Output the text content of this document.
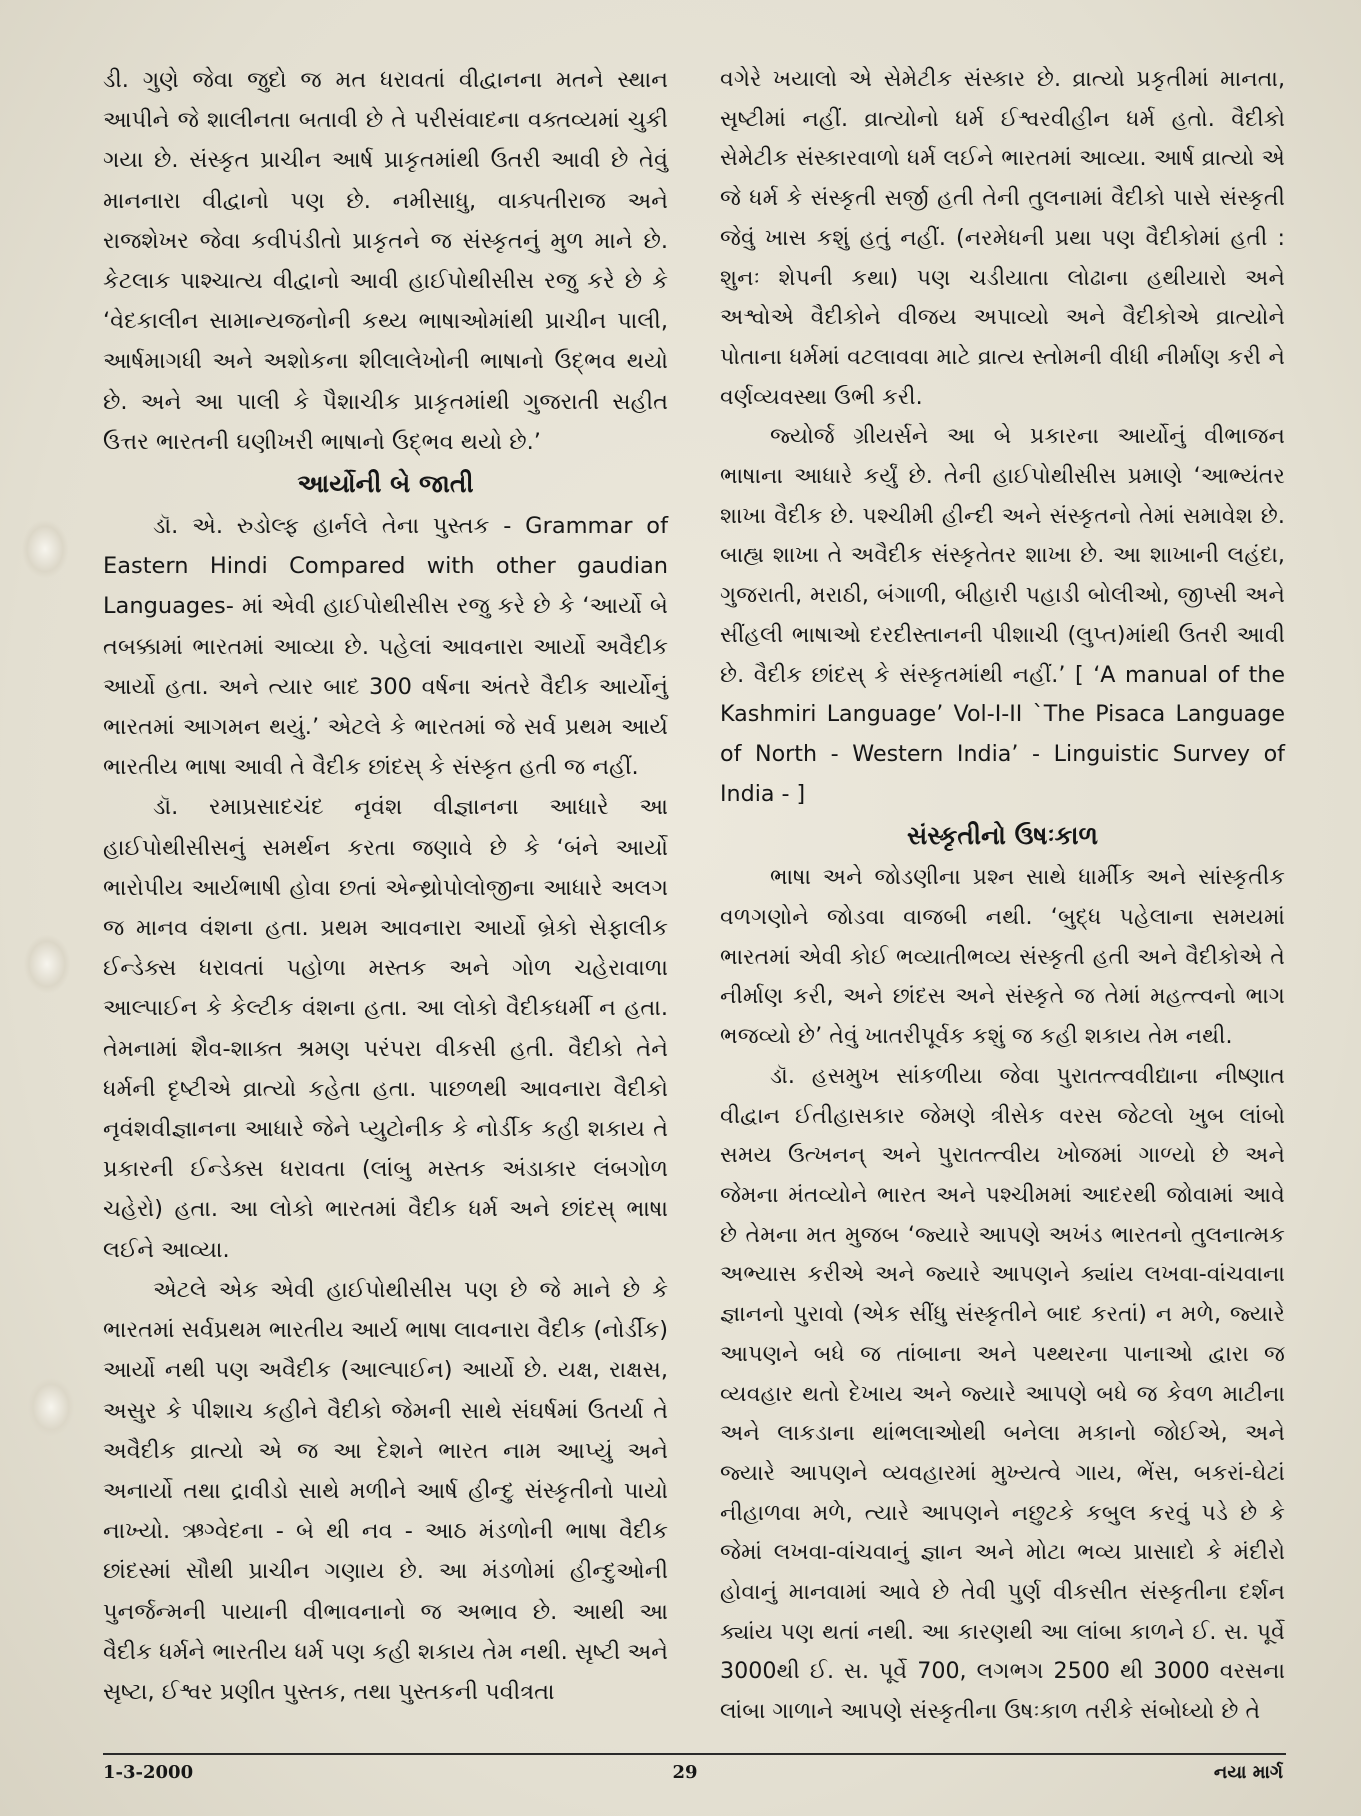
ડી. ગુણે જેવા જુદો જ મત ધરાવતાં વીદ્વાનના મતને સ્થાન આપીને જે શાલીનતા બતાવી છે તે પરીસંવાદના વક્તવ્યમાં ચુકી ગયા છે. સંસ્કૃત પ્રાચીન આર્ષ પ્રાકૃતમાંથી ઉતરી આવી છે તેવું માનનારા વીદ્વાનો પણ છે. નમીસાધુ, વાક્પતીરાજ અને રાજશેખર જેવા કવીપંડીતો પ્રાકૃતને જ સંસ્કૃતનું મુળ માને છે. કેટલાક પાશ્ચાત્ય વીદ્વાનો આવી હાઈપોથીસીસ રજુ કરે છે કે ‘વેદકાલીન સામાન્યજનોની કથ્ય ભાષાઓમાંથી પ્રાચીન પાલી, આર્ષમાગધી અને અશોકના શીલાલેખોની ભાષાનો ઉદ્ભવ થયો છે. અને આ પાલી કે પૈશાચીક પ્રાકૃતમાંથી ગુજરાતી સહીત ઉત્તર ભારતની ઘણીખરી ભાષાનો ઉદ્ભવ થયો છે.’

આર્યોની બે જાતી

ડૉ. એ. રુડોલ્ફ હાર્નલે તેના પુસ્તક - Grammar of Eastern Hindi Compared with other gaudian Languages- માં એવી હાઈપોથીસીસ રજુ કરે છે કે ‘આર્યો બે તબક્કામાં ભારતમાં આવ્યા છે. પહેલાં આવનારા આર્યો અવૈદીક આર્યો હતા. અને ત્યાર બાદ 300 વર્ષના અંતરે વૈદીક આર્યોનું ભારતમાં આગમન થયું.’ એટલે કે ભારતમાં જે સર્વ પ્રથમ આર્ય ભારતીય ભાષા આવી તે વૈદીક છાંદસ્ કે સંસ્કૃત હતી જ નહીં.

ડૉ. રમાપ્રસાદચંદ નૃવંશ વીજ્ઞાનના આધારે આ હાઈપોથીસીસનું સમર્થન કરતા જણાવે છે કે ‘બંને આર્યો ભારોપીય આર્યભાષી હોવા છતાં એન્થ્રોપોલોજીના આધારે અલગ જ માનવ વંશના હતા. પ્રથમ આવનારા આર્યો બ્રેકો સેફાલીક ઈન્ડેક્સ ધરાવતાં પહોળા મસ્તક અને ગોળ ચહેરાવાળા આલ્પાઈન કે કેલ્ટીક વંશના હતા. આ લોકો વૈદીકધર્મી ન હતા. તેમનામાં શૈવ-શાક્ત શ્રમણ પરંપરા વીકસી હતી. વૈદીકો તેને ધર્મની દૃષ્ટીએ વ્રાત્યો કહેતા હતા. પાછળથી આવનારા વૈદીકો નૃવંશવીજ્ઞાનના આધારે જેને પ્યુટોનીક કે નોર્ડીક કહી શકાય તે પ્રકારની ઈન્ડેક્સ ધરાવતા (લાંબુ મસ્તક અંડાકાર લંબગોળ ચહેરો) હતા. આ લોકો ભારતમાં વૈદીક ધર્મ અને છાંદસ્ ભાષા લઈને આવ્યા.

એટલે એક એવી હાઈપોથીસીસ પણ છે જે માને છે કે ભારતમાં સર્વપ્રથમ ભારતીય આર્ય ભાષા લાવનારા વૈદીક (નોર્ડીક) આર્યો નથી પણ અવૈદીક (આલ્પાઈન) આર્યો છે. યક્ષ, રાક્ષસ, અસુર કે પીશાચ કહીને વૈદીકો જેમની સાથે સંઘર્ષમાં ઉતર્યા તે અવૈદીક વ્રાત્યો એ જ આ દેશને ભારત નામ આપ્યું અને અનાર્યો તથા દ્રાવીડો સાથે મળીને આર્ષ હીન્દુ સંસ્કૃતીનો પાયો નાખ્યો. ઋગ્વેદના - બે થી નવ - આઠ મંડળોની ભાષા વૈદીક છાંદસ્માં સૌથી પ્રાચીન ગણાય છે. આ મંડળોમાં હીન્દુઓની પુનર્જન્મની પાયાની વીભાવનાનો જ અભાવ છે. આથી આ વૈદીક ધર્મને ભારતીય ધર્મ પણ કહી શકાય તેમ નથી. સૃષ્ટી અને સૃષ્ટા, ઈશ્વર પ્રણીત પુસ્તક, તથા પુસ્તકની પવીત્રતા

વગેરે ખયાલો એ સેમેટીક સંસ્કાર છે. વ્રાત્યો પ્રકૃતીમાં માનતા, સૃષ્ટીમાં નહીં. વ્રાત્યોનો ધર્મ ઈશ્વરવીહીન ધર્મ હતો. વૈદીકો સેમેટીક સંસ્કારવાળો ધર્મ લઈને ભારતમાં આવ્યા. આર્ષ વ્રાત્યો એ જે ધર્મ કે સંસ્કૃતી સર્જી હતી તેની તુલનામાં વૈદીકો પાસે સંસ્કૃતી જેવું ખાસ કશું હતું નહીં. (નરમેધની પ્રથા પણ વૈદીકોમાં હતી : શુનઃ શેપની કથા) પણ ચડીયાતા લોઢાના હથીયારો અને અશ્વોએ વૈદીકોને વીજય અપાવ્યો અને વૈદીકોએ વ્રાત્યોને પોતાના ધર્મમાં વટલાવવા માટે વ્રાત્ય સ્તોમની વીધી નીર્માણ કરી ને વર્ણવ્યવસ્થા ઉભી કરી.

જ્યોર્જ ગ્રીયર્સને આ બે પ્રકારના આર્યોનું વીભાજન ભાષાના આધારે કર્યું છે. તેની હાઈપોથીસીસ પ્રમાણે ‘આભ્યંતર શાખા વૈદીક છે. પશ્ચીમી હીન્દી અને સંસ્કૃતનો તેમાં સમાવેશ છે. બાહ્ય શાખા તે અવૈદીક સંસ્કૃતેતર શાખા છે. આ શાખાની લહંદા, ગુજરાતી, મરાઠી, બંગાળી, બીહારી પહાડી બોલીઓ, જીપ્સી અને સીંહલી ભાષાઓ દરદીસ્તાનની પીશાચી (લુપ્ત)માંથી ઉતરી આવી છે. વૈદીક છાંદસ્ કે સંસ્કૃતમાંથી નહીં.’ [ ‘A manual of the Kashmiri Language’ Vol-I-II `The Pisaca Language of North - Western India’ - Linguistic Survey of India - ]

સંસ્કૃતીનો ઉષઃકાળ

ભાષા અને જોડણીના પ્રશ્ન સાથે ધાર્મીક અને સાંસ્કૃતીક વળગણોને જોડવા વાજબી નથી. ‘બુદ્ધ પહેલાના સમયમાં ભારતમાં એવી કોઈ ભવ્યાતીભવ્ય સંસ્કૃતી હતી અને વૈદીકોએ તે નીર્માણ કરી, અને છાંદસ અને સંસ્કૃતે જ તેમાં મહત્ત્વનો ભાગ ભજવ્યો છે’ તેવું ખાતરીપૂર્વક કશું જ કહી શકાય તેમ નથી.

ડૉ. હસમુખ સાંકળીયા જેવા પુરાતત્ત્વવીદ્યાના નીષ્ણાત વીદ્વાન ઈતીહાસકાર જેમણે ત્રીસેક વરસ જેટલો ખુબ લાંબો સમય ઉત્ખનન્ અને પુરાતત્ત્વીય ખોજમાં ગાળ્યો છે અને જેમના મંતવ્યોને ભારત અને પશ્ચીમમાં આદરથી જોવામાં આવે છે તેમના મત મુજબ ‘જ્યારે આપણે અખંડ ભારતનો તુલનાત્મક અભ્યાસ કરીએ અને જ્યારે આપણને ક્યાંય લખવા-વાંચવાના જ્ઞાનનો પુરાવો (એક સીંધુ સંસ્કૃતીને બાદ કરતાં) ન મળે, જ્યારે આપણને બધે જ તાંબાના અને પથ્થરના પાનાઓ દ્વારા જ વ્યવહાર થતો દેખાય અને જ્યારે આપણે બધે જ કેવળ માટીના અને લાકડાના થાંભલાઓથી બનેલા મકાનો જોઈએ, અને જ્યારે આપણને વ્યવહારમાં મુખ્યત્વે ગાય, ભેંસ, બકરાં-ઘેટાં નીહાળવા મળે, ત્યારે આપણને નછુટકે કબુલ કરવું પડે છે કે જેમાં લખવા-વાંચવાનું જ્ઞાન અને મોટા ભવ્ય પ્રાસાદો કે મંદીરો હોવાનું માનવામાં આવે છે તેવી પુર્ણ વીકસીત સંસ્કૃતીના દર્શન ક્યાંય પણ થતાં નથી. આ કારણથી આ લાંબા કાળને ઈ. સ. પૂર્વે 3000થી ઈ. સ. પૂર્વે 700, લગભગ 2500 થી 3000 વરસના લાંબા ગાળાને આપણે સંસ્કૃતીના ઉષઃકાળ તરીકે સંબોધ્યો છે તે

1-3-2000	29	નયા માર્ગ
